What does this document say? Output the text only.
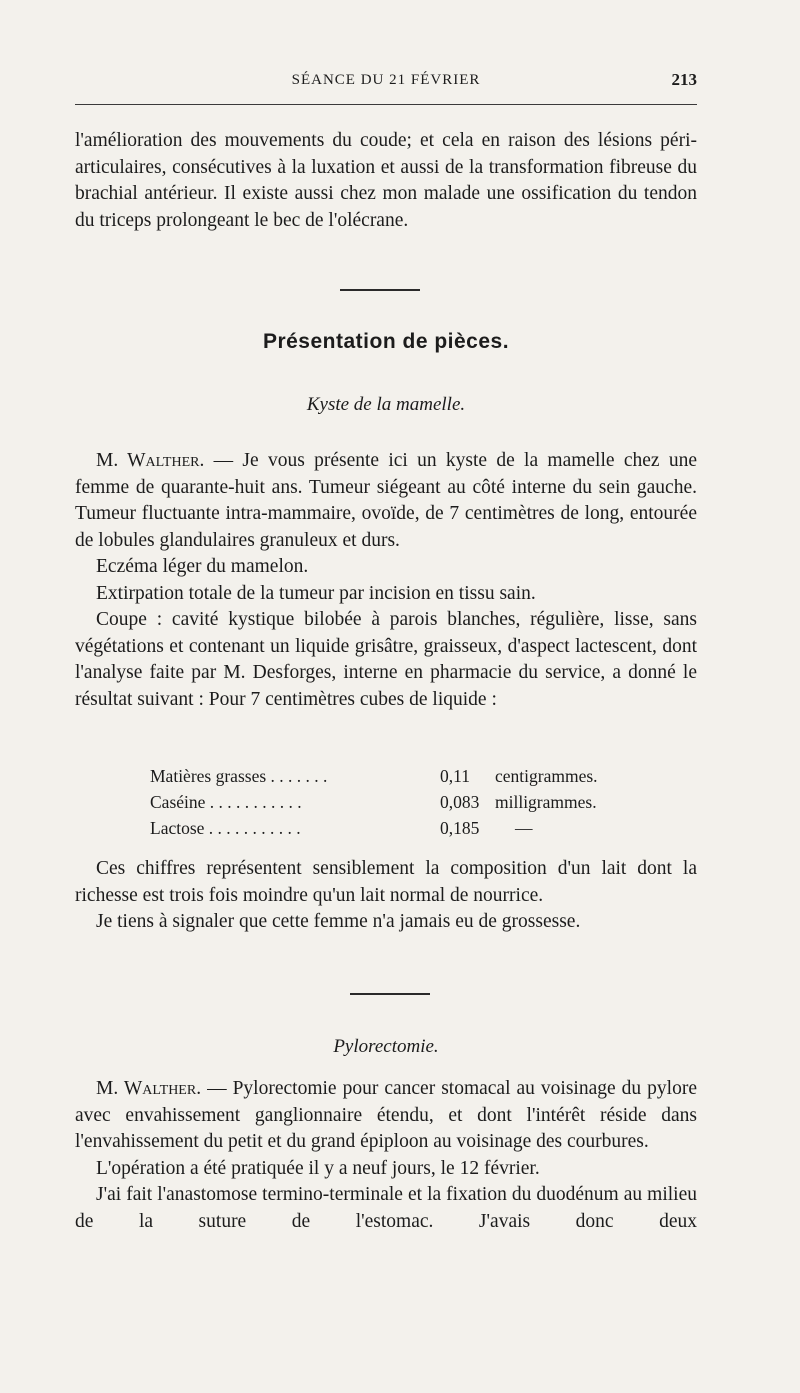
SÉANCE DU 21 FÉVRIER	213

l'amélioration des mouvements du coude; et cela en raison des lésions péri-articulaires, consécutives à la luxation et aussi de la transformation fibreuse du brachial antérieur. Il existe aussi chez mon malade une ossification du tendon du triceps prolongeant le bec de l'olécrane.

Présentation de pièces.
Kyste de la mamelle.

M. Walther. — Je vous présente ici un kyste de la mamelle chez une femme de quarante-huit ans. Tumeur siégeant au côté interne du sein gauche. Tumeur fluctuante intra-mammaire, ovoïde, de 7 centimètres de long, entourée de lobules glandulaires granuleux et durs.

Eczéma léger du mamelon.

Extirpation totale de la tumeur par incision en tissu sain.

Coupe : cavité kystique bilobée à parois blanches, régulière, lisse, sans végétations et contenant un liquide grisâtre, graisseux, d'aspect lactescent, dont l'analyse faite par M. Desforges, interne en pharmacie du service, a donné le résultat suivant : Pour 7 centimètres cubes de liquide :

Matières grasses . . . . . . .	0,11 centigrammes.
Caséine . . . . . . . . . . .	0,083 milligrammes.
Lactose . . . . . . . . . . .	0,185 —

Ces chiffres représentent sensiblement la composition d'un lait dont la richesse est trois fois moindre qu'un lait normal de nourrice.

Je tiens à signaler que cette femme n'a jamais eu de grossesse.

Pylorectomie.

M. Walther. — Pylorectomie pour cancer stomacal au voisinage du pylore avec envahissement ganglionnaire étendu, et dont l'intérêt réside dans l'envahissement du petit et du grand épiploon au voisinage des courbures.

L'opération a été pratiquée il y a neuf jours, le 12 février.

J'ai fait l'anastomose termino-terminale et la fixation du duodénum au milieu de la suture de l'estomac. J'avais donc deux
